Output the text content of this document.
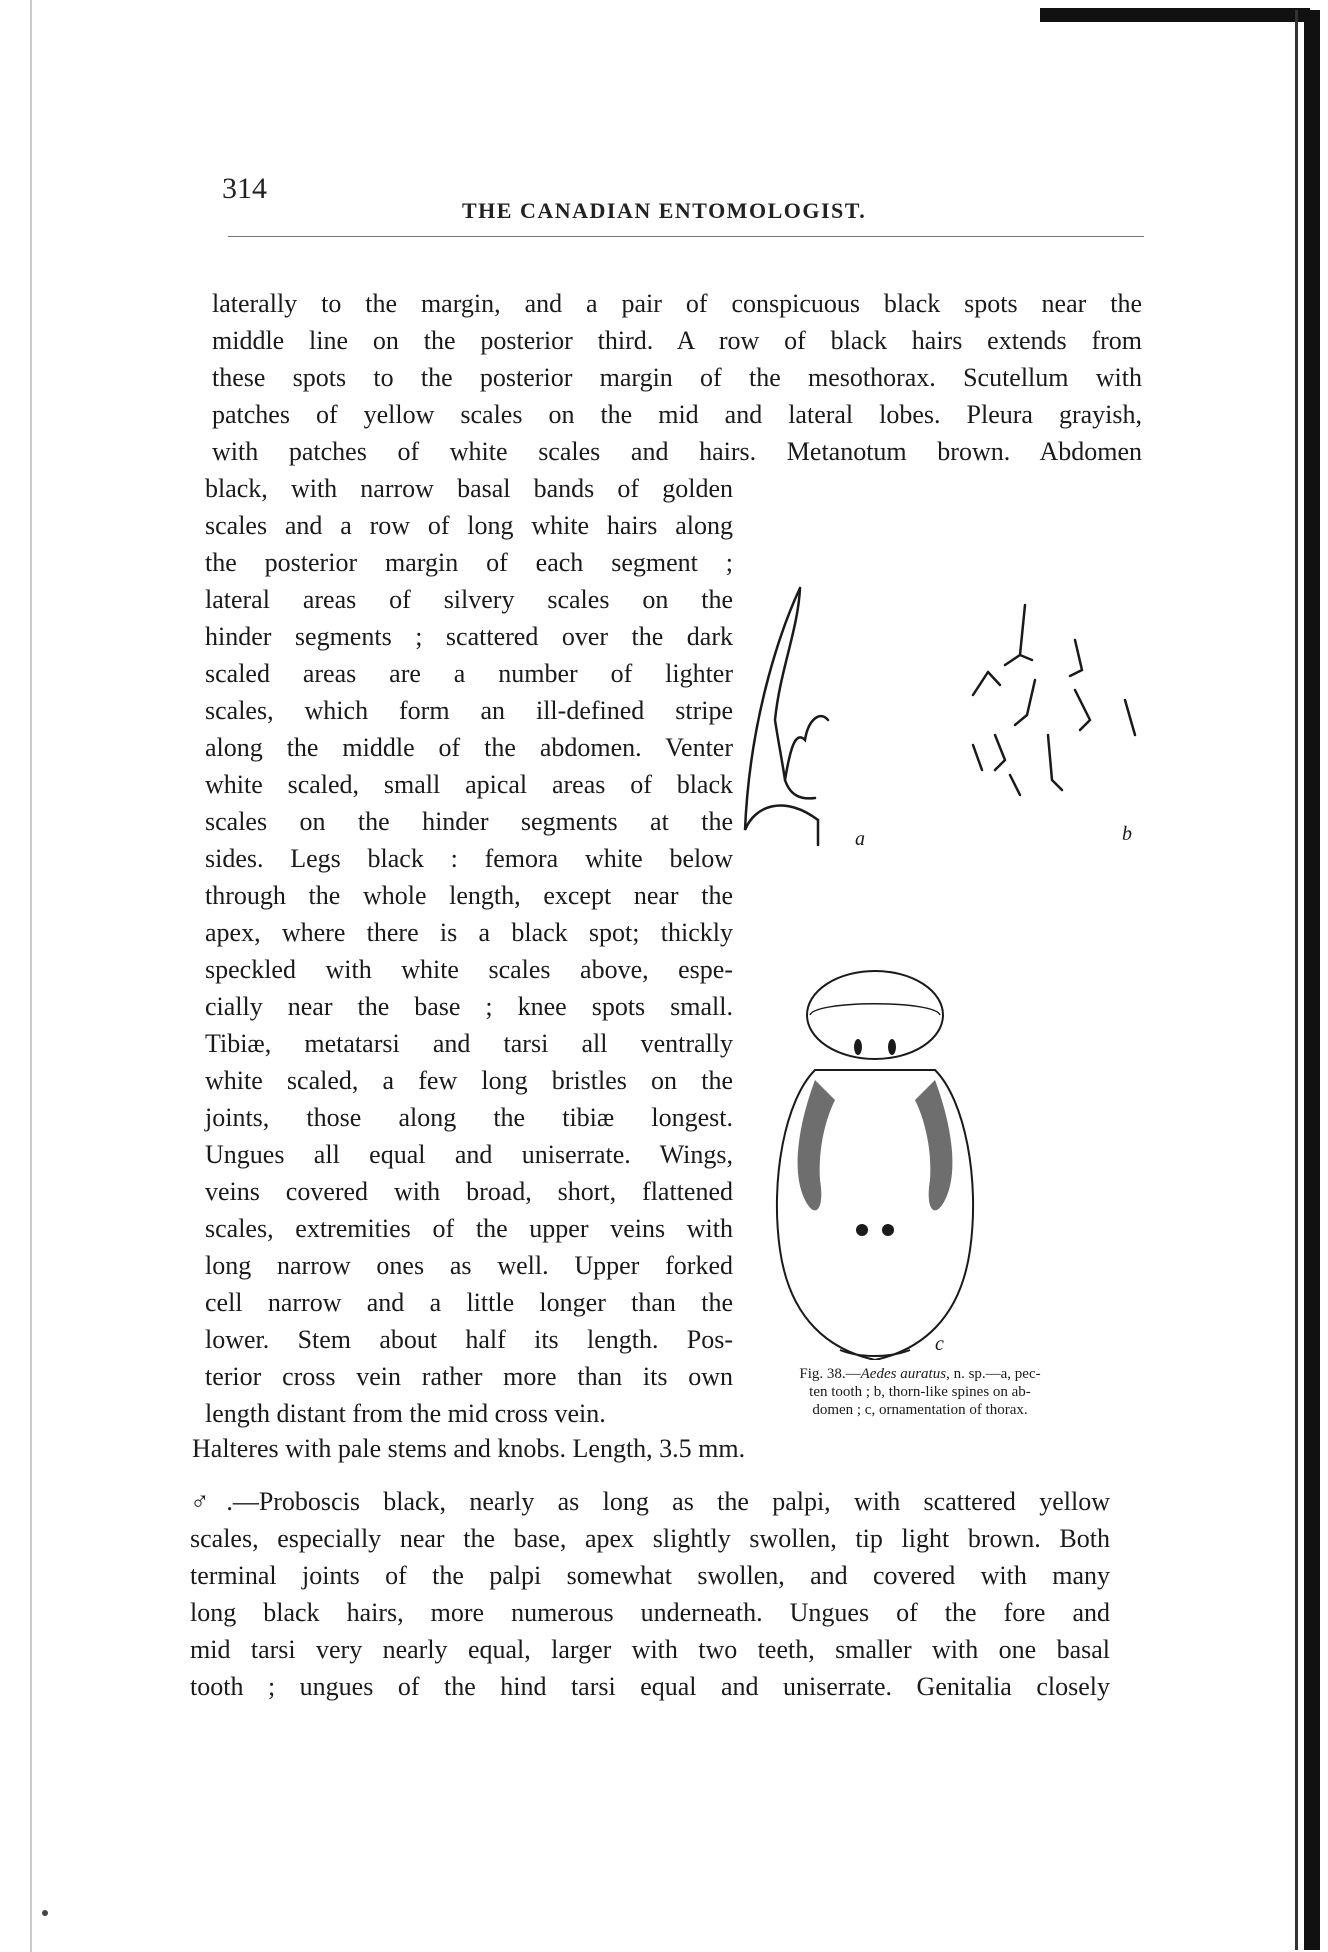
314
THE CANADIAN ENTOMOLOGIST.
laterally to the margin, and a pair of conspicuous black spots near the
middle line on the posterior third. A row of black hairs extends from
these spots to the posterior margin of the mesothorax. Scutellum with
patches of yellow scales on the mid and lateral lobes. Pleura grayish,
with patches of white scales and hairs. Metanotum brown. Abdomen
black, with narrow basal bands of golden
scales and a row of long white hairs along
the posterior margin of each segment ;
lateral areas of silvery scales on the
hinder segments ; scattered over the dark
scaled areas are a number of lighter
scales, which form an ill-defined stripe
along the middle of the abdomen. Venter
white scaled, small apical areas of black
scales on the hinder segments at the
sides. Legs black : femora white below
through the whole length, except near the
apex, where there is a black spot; thickly
speckled with white scales above, espe-
cially near the base ; knee spots small.
Tibiæ, metatarsi and tarsi all ventrally
white scaled, a few long bristles on the
joints, those along the tibiæ longest.
Ungues all equal and uniserrate. Wings,
veins covered with broad, short, flattened
scales, extremities of the upper veins with
long narrow ones as well. Upper forked
cell narrow and a little longer than the
lower. Stem about half its length. Pos-
terior cross vein rather more than its own
length distant from the mid cross vein.
Halteres with pale stems and knobs. Length, 3.5 mm.
♂.—Proboscis black, nearly as long as the palpi, with scattered yellow
scales, especially near the base, apex slightly swollen, tip light brown. Both
terminal joints of the palpi somewhat swollen, and covered with many
long black hairs, more numerous underneath. Ungues of the fore and
mid tarsi very nearly equal, larger with two teeth, smaller with one basal
tooth ; ungues of the hind tarsi equal and uniserrate. Genitalia closely
a	b
c
Fig. 38.—Aedes auratus, n. sp.—a, pec-
ten tooth ; b, thorn-like spines on ab-
domen ; c, ornamentation of thorax.
